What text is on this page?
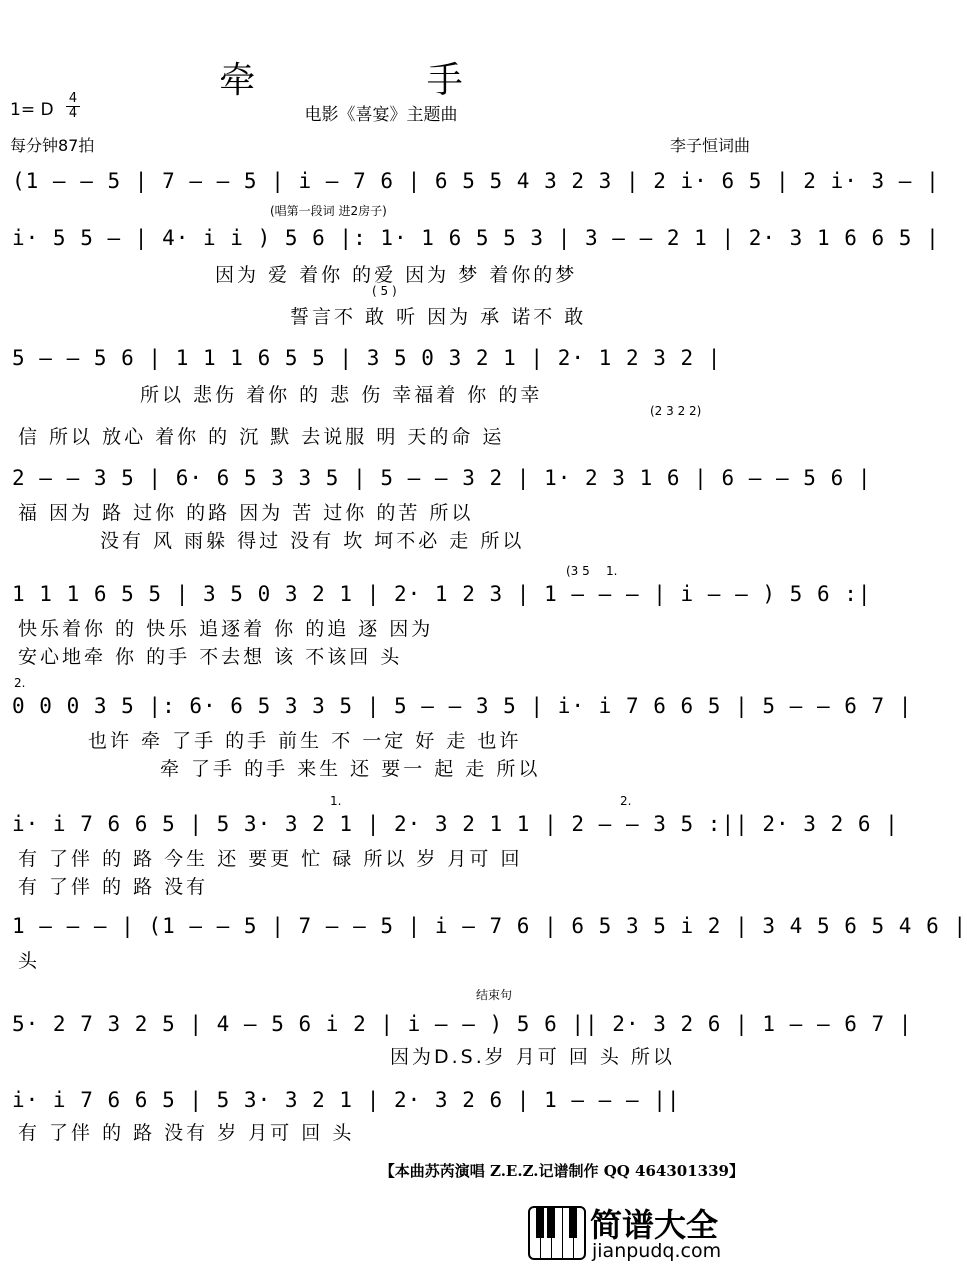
牵 手
电影《喜宴》主题曲
1= D $\frac{4}{4}$
每分钟87拍	李子恒词曲
(1 — — 5 | 7 — — 5 | i — 7 6 | 6 5 5 4 3 2 3 | 2 i· 6 5 | 2 i· 3 — |
(唱第一段词 进2房子)
i· 5 5 — | 4· i i ) 5 6 |: 1· 1 6 5 5 3 | 3 — — 2 1 | 2· 3 1 6 6 5 |
因为 爱 着你 的爱 因为 梦 着你的梦
( 5 )
誓言不 敢 听 因为 承 诺不 敢
5 — — 5 6 | 1 1 1 6 5 5 | 3 5 0 3 2 1 | 2· 1 2 3 2 |
所以 悲伤 着你 的 悲 伤 幸福着 你 的幸
(2 3 2 2)
信 所以 放心 着你 的 沉 默 去说服 明 天的命 运
2 — — 3 5 | 6· 6 5 3 3 5 | 5 — — 3 2 | 1· 2 3 1 6 | 6 — — 5 6 |
福 因为 路 过你 的路 因为 苦 过你 的苦 所以
没有 风 雨躲 得过 没有 坎 坷不必 走 所以
(3 5 1.
1 1 1 6 5 5 | 3 5 0 3 2 1 | 2· 1 2 3 | 1 — — — | i — — ) 5 6 :|
快乐着你 的 快乐 追逐着 你 的追 逐 因为
安心地牵 你 的手 不去想 该 不该回 头
2.
0 0 0 3 5 |: 6· 6 5 3 3 5 | 5 — — 3 5 | i· i 7 6 6 5 | 5 — — 6 7 |
也许 牵 了手 的手 前生 不 一定 好 走 也许
牵 了手 的手 来生 还 要一 起 走 所以
1.	2.
i· i 7 6 6 5 | 5 3· 3 2 1 | 2· 3 2 1 1 | 2 — — 3 5 :|| 2· 3 2 6 |
有 了伴 的 路 今生 还 要更 忙 碌 所以 岁 月可 回
有 了伴 的 路 没有
1 — — — | (1 — — 5 | 7 — — 5 | i — 7 6 | 6 5 3 5 i 2 | 3 4 5 6 5 4 6 |
头
结束句
5· 2 7 3 2 5 | 4 — 5 6 i 2 | i — — ) 5 6 || 2· 3 2 6 | 1 — — 6 7 |
因为D.S.岁 月可 回 头 所以
i· i 7 6 6 5 | 5 3· 3 2 1 | 2· 3 2 6 | 1 — — — ||
有 了伴 的 路 没有 岁 月可 回 头
【本曲苏芮演唱 Z.E.Z.记谱制作 QQ 464301339】
简谱大全
jianpudq.com
